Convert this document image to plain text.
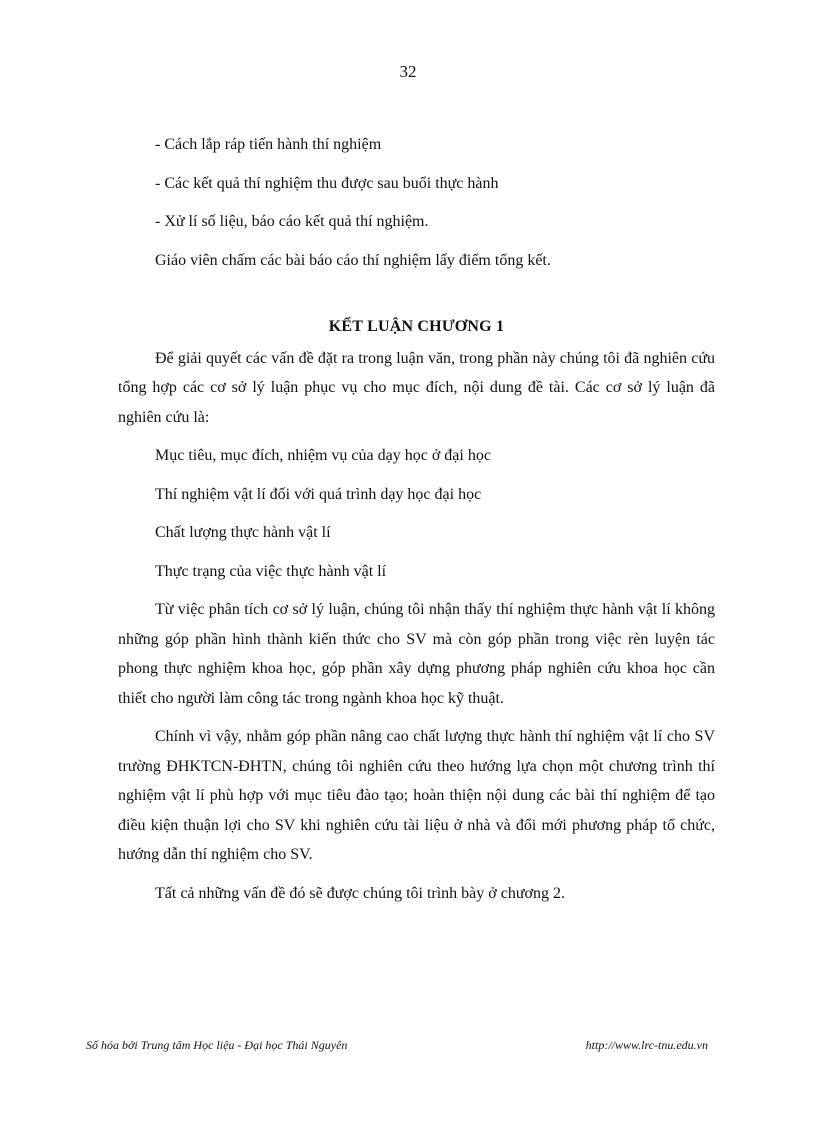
32

- Cách lắp ráp tiến hành thí nghiệm

- Các kết quả thí nghiệm thu được sau buổi thực hành

- Xử lí số liệu, báo cáo kết quả thí nghiệm.

Giáo viên chấm các bài báo cáo thí nghiệm lấy điểm tổng kết.

KẾT LUẬN CHƯƠNG 1

Để giải quyết các vấn đề đặt ra trong luận văn, trong phần này chúng tôi đã nghiên cứu tổng hợp các cơ sở lý luận phục vụ cho mục đích, nội dung đề tài. Các cơ sở lý luận đã nghiên cứu là:

Mục tiêu, mục đích, nhiệm vụ của dạy học ở đại học

Thí nghiệm vật lí đối với quá trình dạy học đại học

Chất lượng thực hành vật lí

Thực trạng của việc thực hành vật lí

Từ việc phân tích cơ sở lý luận, chúng tôi nhận thấy thí nghiệm thực hành vật lí không những góp phần hình thành kiến thức cho SV mà còn góp phần trong việc rèn luyện tác phong thực nghiệm khoa học, góp phần xây dựng phương pháp nghiên cứu khoa học cần thiết cho người làm công tác trong ngành khoa học kỹ thuật.

Chính vì vậy, nhằm góp phần nâng cao chất lượng thực hành thí nghiệm vật lí cho SV trường ĐHKTCN-ĐHTN, chúng tôi nghiên cứu theo hướng lựa chọn một chương trình thí nghiệm vật lí phù hợp với mục tiêu đào tạo; hoàn thiện nội dung các bài thí nghiệm để tạo điều kiện thuận lợi cho SV khi nghiên cứu tài liệu ở nhà và đổi mới phương pháp tổ chức, hướng dẫn thí nghiệm cho SV.

Tất cả những vấn đề đó sẽ được chúng tôi trình bày ở chương 2.

Số hóa bởi Trung tâm Học liệu - Đại học Thái Nguyên	http://www.lrc-tnu.edu.vn
